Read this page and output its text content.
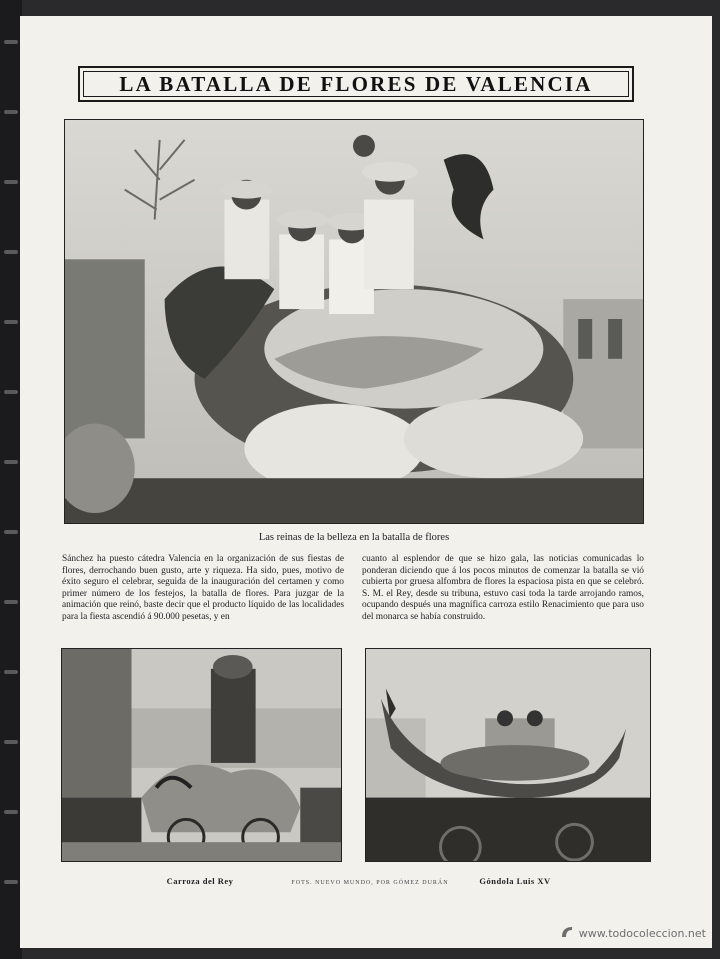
LA BATALLA DE FLORES DE VALENCIA
Las reinas de la belleza en la batalla de flores

Sánchez ha puesto cátedra Valencia en la organización de sus fiestas de flores, derrochando buen gusto, arte y riqueza. Ha sido, pues, motivo de éxito seguro el celebrar, seguida de la inauguración del certamen y como primer número de los festejos, la batalla de flores. Para juzgar de la animación que reinó, baste decir que el producto líquido de las localidades para la fiesta ascendió á 90.000 pesetas, y en

cuanto al esplendor de que se hizo gala, las noticias comunicadas lo ponderan diciendo que á los pocos minutos de comenzar la batalla se vió cubierta por gruesa alfombra de flores la espaciosa pista en que se celebró. S. M. el Rey, desde su tribuna, estuvo casi toda la tarde arrojando ramos, ocupando después una magnífica carroza estilo Renacimiento que para uso del monarca se había construido.

Carroza del Rey	FOTS. NUEVO MUNDO, POR GÓMEZ DURÁN	Góndola Luis XV
www.todocoleccion.net
